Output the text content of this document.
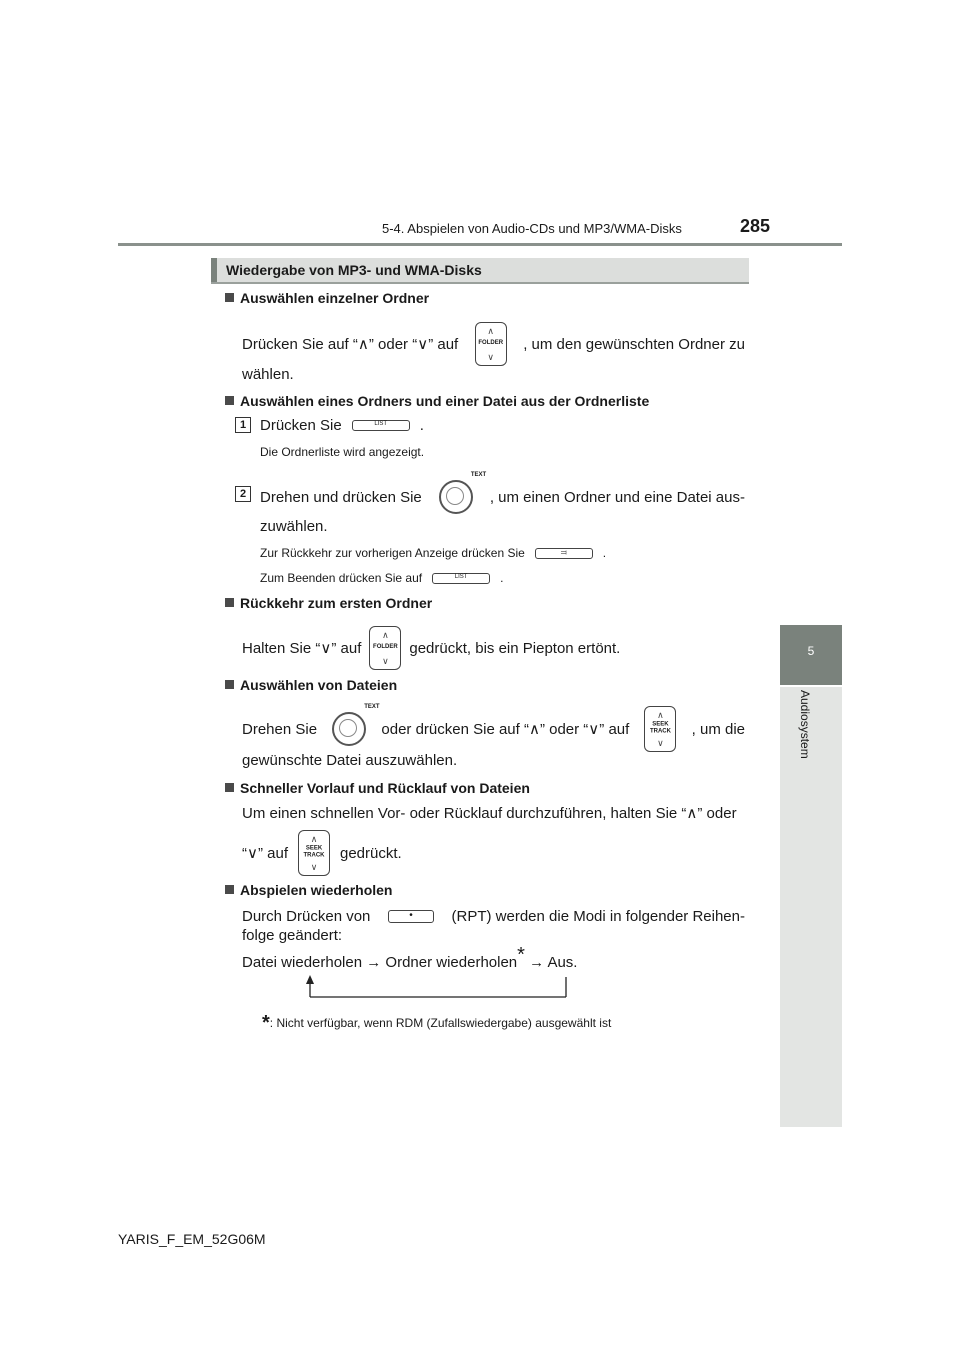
5-4. Abspielen von Audio-CDs und MP3/WMA-Disks	285
5
Audiosystem
Wiedergabe von MP3- und WMA-Disks
Auswählen einzelner Ordner
Drücken Sie auf “∧” oder “∨” auf
∧
FOLDER
∨
, um den gewünschten Ordner zu
wählen.
Auswählen eines Ordners und einer Datei aus der Ordnerliste
1 Drücken Sie	LIST	.
Die Ordnerliste wird angezeigt.
2 Drehen und drücken Sie
TEXT
, um einen Ordner und eine Datei aus-
zuwählen.
Zur Rückkehr zur vorherigen Anzeige drücken Sie	⫤	.
Zum Beenden drücken Sie auf	LIST	.
Rückkehr zum ersten Ordner
Halten Sie “∨” auf
∧
FOLDER
∨
gedrückt, bis ein Piepton ertönt.
Auswählen von Dateien
Drehen Sie
TEXT
oder drücken Sie auf “∧” oder “∨” auf
∧
SEEK
TRACK
∨
, um die
gewünschte Datei auszuwählen.
Schneller Vorlauf und Rücklauf von Dateien
Um einen schnellen Vor- oder Rücklauf durchzuführen, halten Sie “∧” oder
“∨” auf
∧
SEEK
TRACK
∨
gedrückt.
Abspielen wiederholen
Durch Drücken von	•	(RPT) werden die Modi in folgender Reihen-
folge geändert:
Datei wiederholen → Ordner wiederholen* → Aus.
*: Nicht verfügbar, wenn RDM (Zufallswiedergabe) ausgewählt ist
YARIS_F_EM_52G06M
